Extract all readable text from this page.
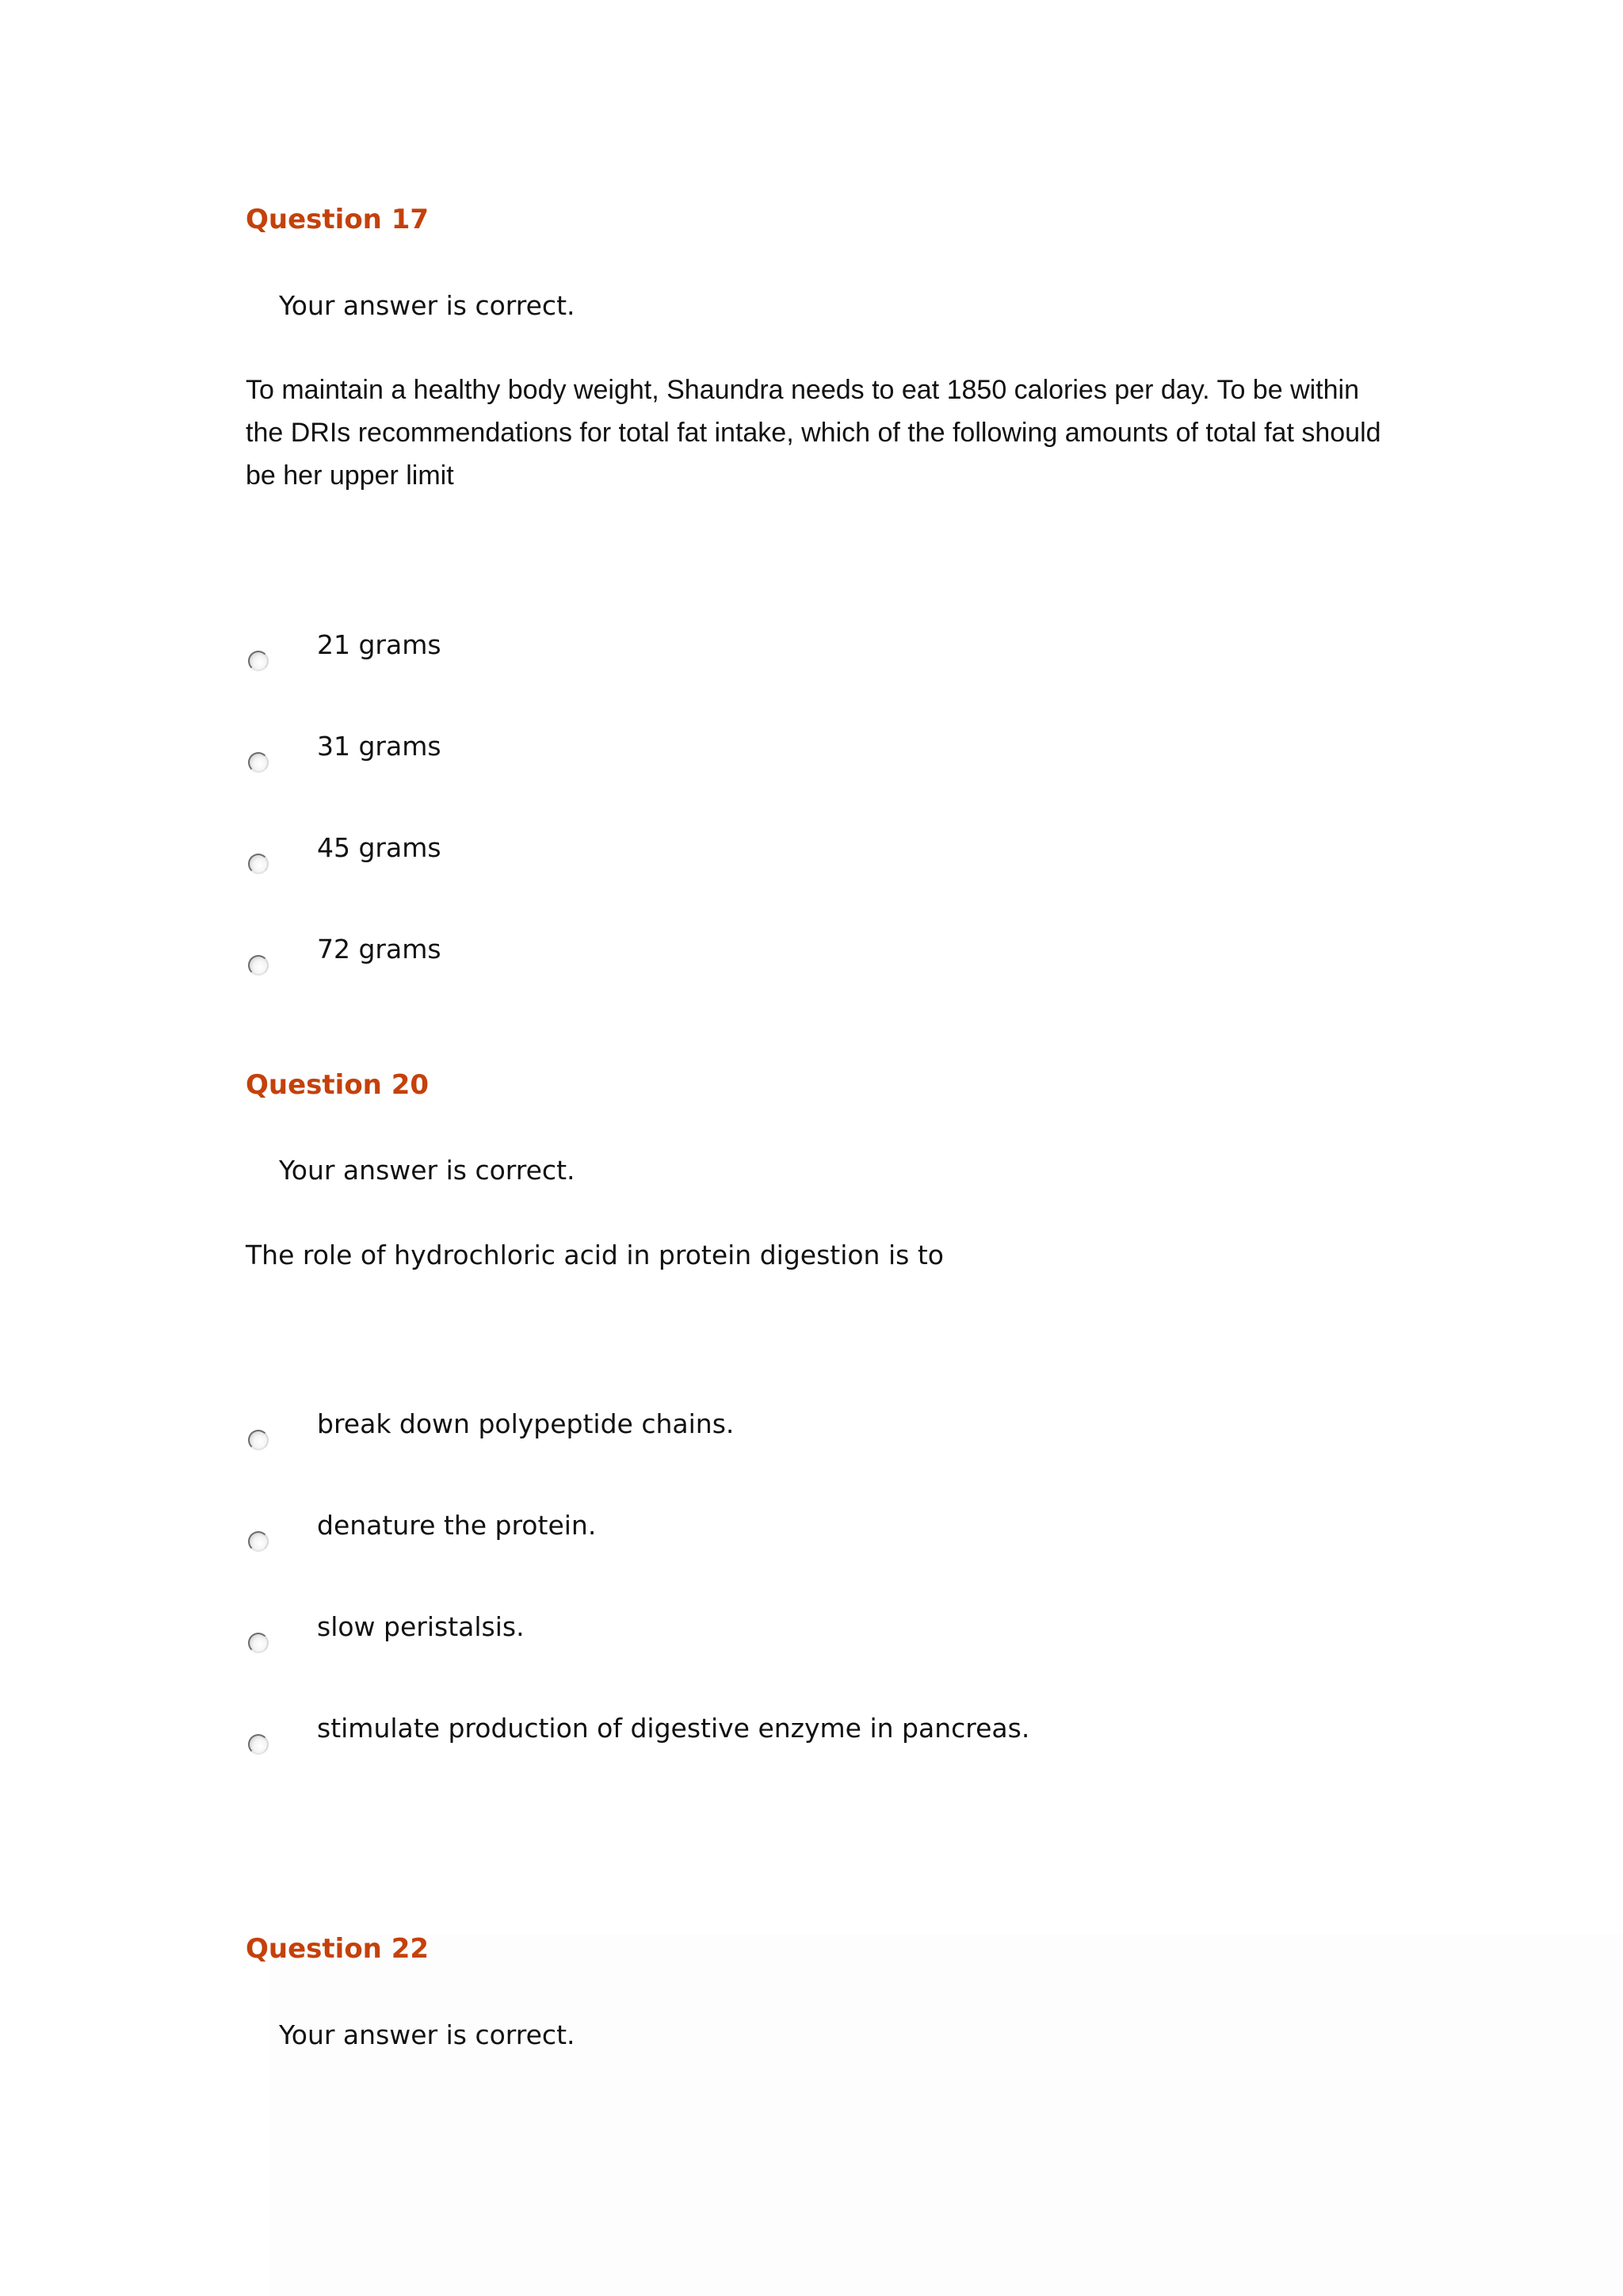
Question 17

Your answer is correct.

To maintain a healthy body weight, Shaundra needs to eat 1850 calories per day. To be within the DRIs recommendations for total fat intake, which of the following amounts of total fat should be her upper limit

21 grams
31 grams
45 grams
72 grams
Question 20

Your answer is correct.

The role of hydrochloric acid in protein digestion is to

break down polypeptide chains.
denature the protein.
slow peristalsis.
stimulate production of digestive enzyme in pancreas.
Question 22

Your answer is correct.
